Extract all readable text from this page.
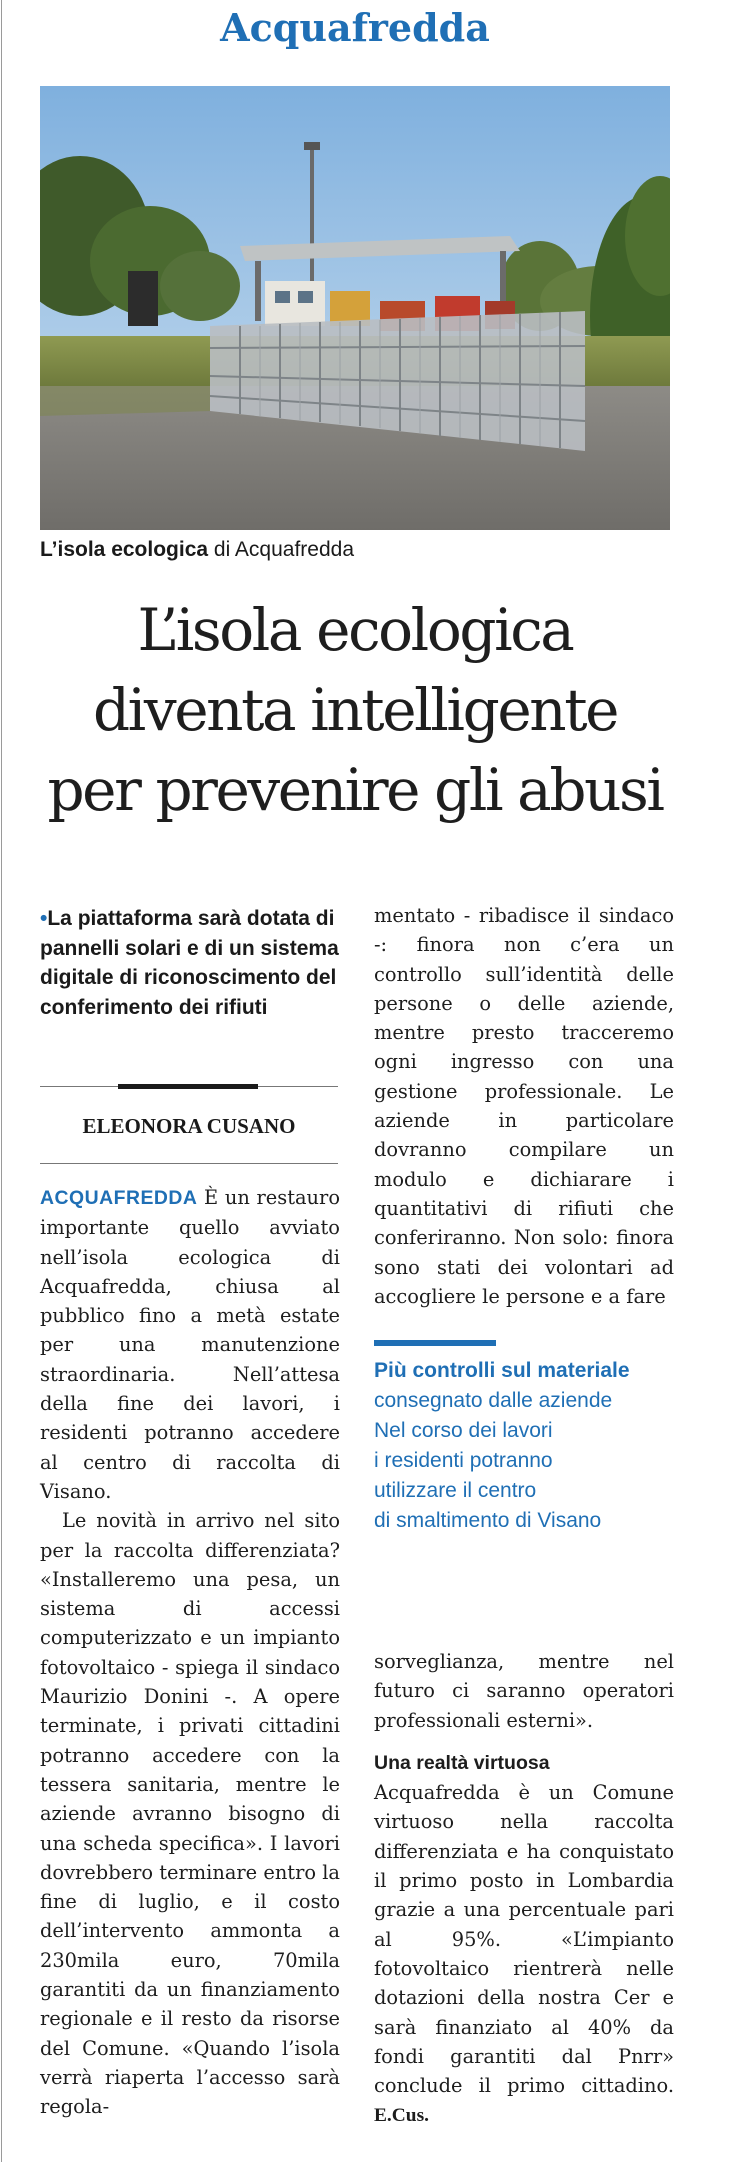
Acquafredda
L’isola ecologica di Acquafredda
L’isola ecologica
diventa intelligente
per prevenire gli abusi
•La piattaforma sarà dotata di pannelli solari e di un sistema digitale di riconoscimento del conferimento dei rifiuti
ELEONORA CUSANO

ACQUAFREDDA È un restauro importante quello avviato nell’isola ecologica di Acquafredda, chiusa al pubblico fino a metà estate per una manutenzione straordinaria. Nell’attesa della fine dei lavori, i residenti potranno accedere al centro di raccolta di Visano.

Le novità in arrivo nel sito per la raccolta differenziata? «Installeremo una pesa, un sistema di accessi computerizzato e un impianto fotovoltaico - spiega il sindaco Maurizio Donini -. A opere terminate, i privati cittadini potranno accedere con la tessera sanitaria, mentre le aziende avranno bisogno di una scheda specifica». I lavori dovrebbero terminare entro la fine di luglio, e il costo dell’intervento ammonta a 230mila euro, 70mila garantiti da un finanziamento regionale e il resto da risorse del Comune. «Quando l’isola verrà riaperta l’accesso sarà regola-

mentato - ribadisce il sindaco -: finora non c’era un controllo sull’identità delle persone o delle aziende, mentre presto tracceremo ogni ingresso con una gestione professionale. Le aziende in particolare dovranno compilare un modulo e dichiarare i quantitativi di rifiuti che conferiranno. Non solo: finora sono stati dei volontari ad accogliere le persone e a fare

Più controlli sul materiale
consegnato dalle aziende
Nel corso dei lavori
i residenti potranno
utilizzare il centro
di smaltimento di Visano

sorveglianza, mentre nel futuro ci saranno operatori professionali esterni».

Una realtà virtuosa

Acquafredda è un Comune virtuoso nella raccolta differenziata e ha conquistato il primo posto in Lombardia grazie a una percentuale pari al 95%. «L’impianto fotovoltaico rientrerà nelle dotazioni della nostra Cer e sarà finanziato al 40% da fondi garantiti dal Pnrr» conclude il primo cittadino. E.Cus.
